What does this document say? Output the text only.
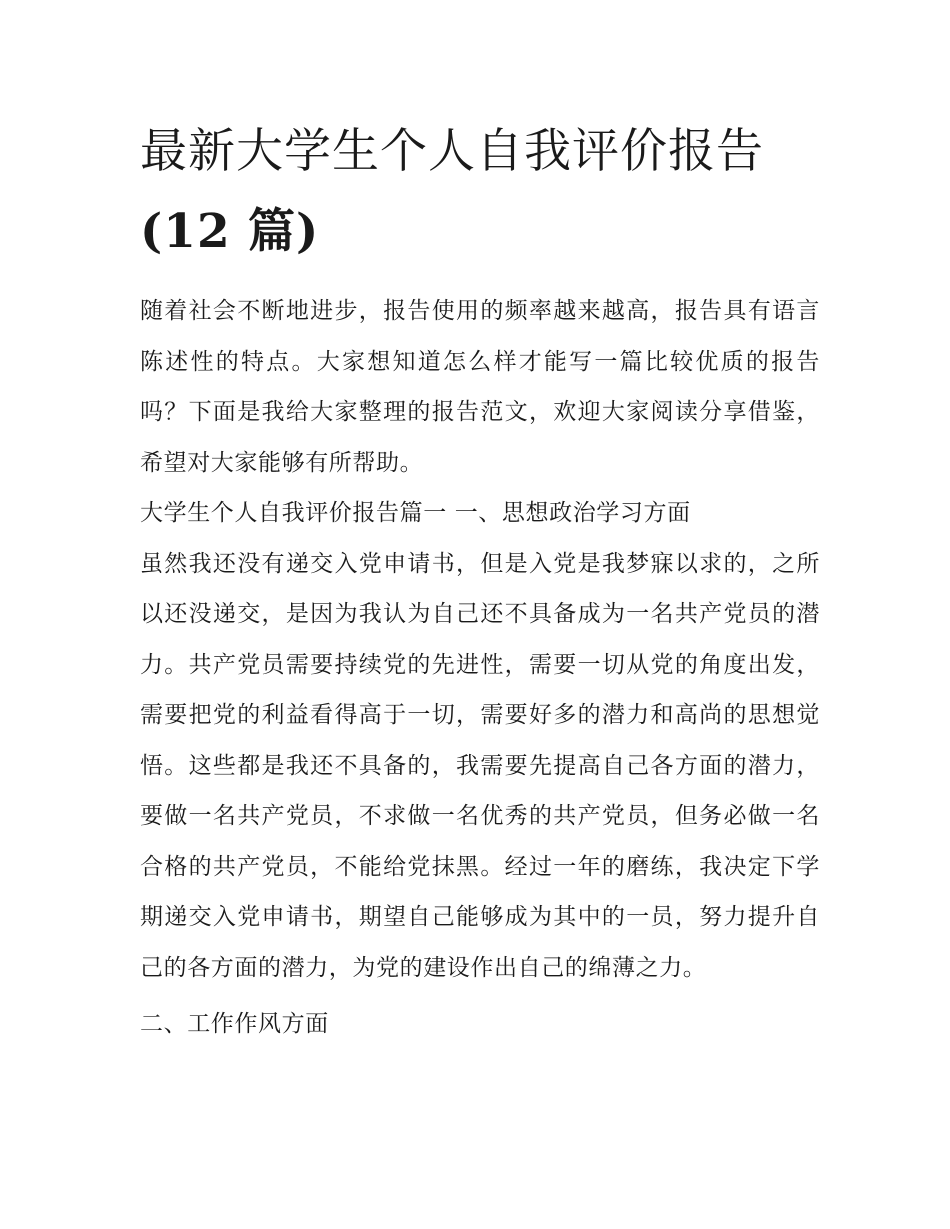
最新大学生个人自我评价报告
(12 篇)

随着社会不断地进步，报告使用的频率越来越高，报告具有语言陈述性的特点。大家想知道怎么样才能写一篇比较优质的报告吗？下面是我给大家整理的报告范文，欢迎大家阅读分享借鉴，希望对大家能够有所帮助。

大学生个人自我评价报告篇一 一、思想政治学习方面

虽然我还没有递交入党申请书，但是入党是我梦寐以求的，之所以还没递交，是因为我认为自己还不具备成为一名共产党员的潜力。共产党员需要持续党的先进性，需要一切从党的角度出发，需要把党的利益看得高于一切，需要好多的潜力和高尚的思想觉悟。这些都是我还不具备的，我需要先提高自己各方面的潜力，要做一名共产党员，不求做一名优秀的共产党员，但务必做一名合格的共产党员，不能给党抹黑。经过一年的磨练，我决定下学期递交入党申请书，期望自己能够成为其中的一员，努力提升自己的各方面的潜力，为党的建设作出自己的绵薄之力。

二、工作作风方面
